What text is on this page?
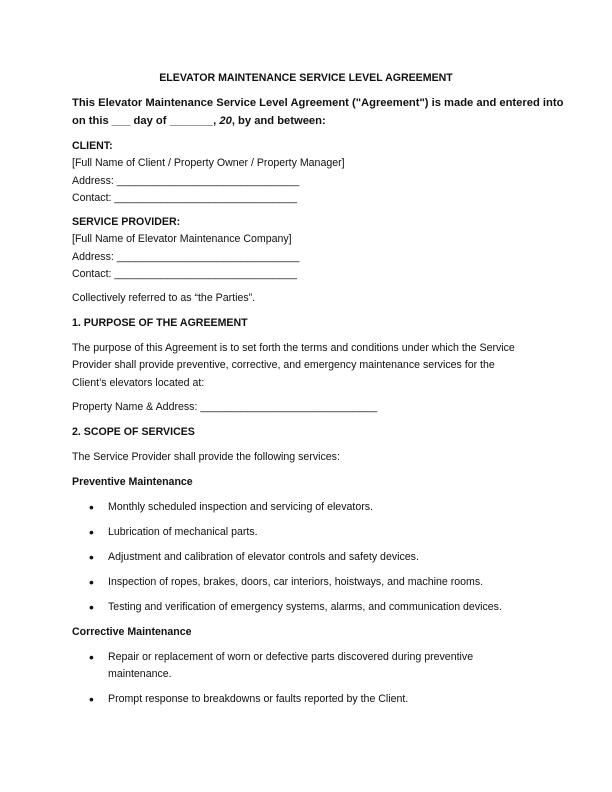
ELEVATOR MAINTENANCE SERVICE LEVEL AGREEMENT
This Elevator Maintenance Service Level Agreement ("Agreement") is made and entered into
on this ___ day of _______, 20, by and between:
CLIENT:
[Full Name of Client / Property Owner / Property Manager]
Address: _______________________________
Contact: _______________________________
SERVICE PROVIDER:
[Full Name of Elevator Maintenance Company]
Address: _______________________________
Contact: _______________________________
Collectively referred to as “the Parties”.
1. PURPOSE OF THE AGREEMENT
The purpose of this Agreement is to set forth the terms and conditions under which the Service
Provider shall provide preventive, corrective, and emergency maintenance services for the
Client’s elevators located at:
Property Name & Address: ______________________________
2. SCOPE OF SERVICES
The Service Provider shall provide the following services:
Preventive Maintenance
• Monthly scheduled inspection and servicing of elevators.
• Lubrication of mechanical parts.
• Adjustment and calibration of elevator controls and safety devices.
• Inspection of ropes, brakes, doors, car interiors, hoistways, and machine rooms.
• Testing and verification of emergency systems, alarms, and communication devices.
Corrective Maintenance
• Repair or replacement of worn or defective parts discovered during preventive
maintenance.
• Prompt response to breakdowns or faults reported by the Client.
